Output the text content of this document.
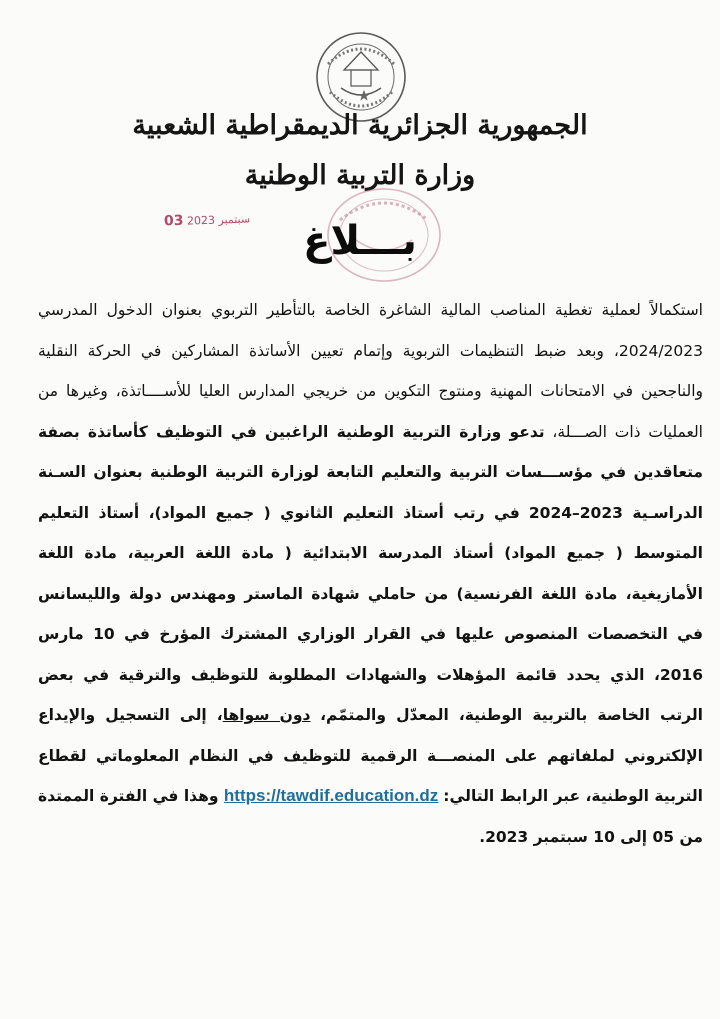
الجمهورية الجزائرية الديمقراطية الشعبية
وزارة التربية الوطنية
سبتمبر 2023 03	بـــلاغ
استكمالاً لعملية تغطية المناصب المالية الشاغرة الخاصة بالتأطير التربوي بعنوان الدخول المدرسي 2024/2023، وبعد ضبط التنظيمات التربوية وإتمام تعيين الأساتذة المشاركين في الحركة النقلية والناجحين في الامتحانات المهنية ومنتوج التكوين من خريجي المدارس العليا للأســــاتذة، وغيرها من العمليات ذات الصـــلة، تدعو وزارة التربية الوطنية الراغبين في التوظيف كأساتذة بصفة متعاقدين في مؤســـسات التربية والتعليم التابعة لوزارة التربية الوطنية بعنوان السـنة الدراسـية 2023–2024 في رتب أستاذ التعليم الثانوي ( جميع المواد)، أستاذ التعليم المتوسط ( جميع المواد) أستاذ المدرسة الابتدائية ( مادة اللغة العربية، مادة اللغة الأمازيغية، مادة اللغة الفرنسية) من حاملي شهادة الماستر ومهندس دولة والليسانس في التخصصات المنصوص عليها في القرار الوزاري المشترك المؤرخ في 10 مارس 2016، الذي يحدد قائمة المؤهلات والشهادات المطلوبة للتوظيف والترقية في بعض الرتب الخاصة بالتربية الوطنية، المعدّل والمتمّم، دون سواها، إلى التسجيل والإيداع الإلكتروني لملفاتهم على المنصـــة الرقمية للتوظيف في النظام المعلوماتي لقطاع التربية الوطنية، عبر الرابط التالي: https://tawdif.education.dz وهذا في الفترة الممتدة من 05 إلى 10 سبتمبر 2023.
